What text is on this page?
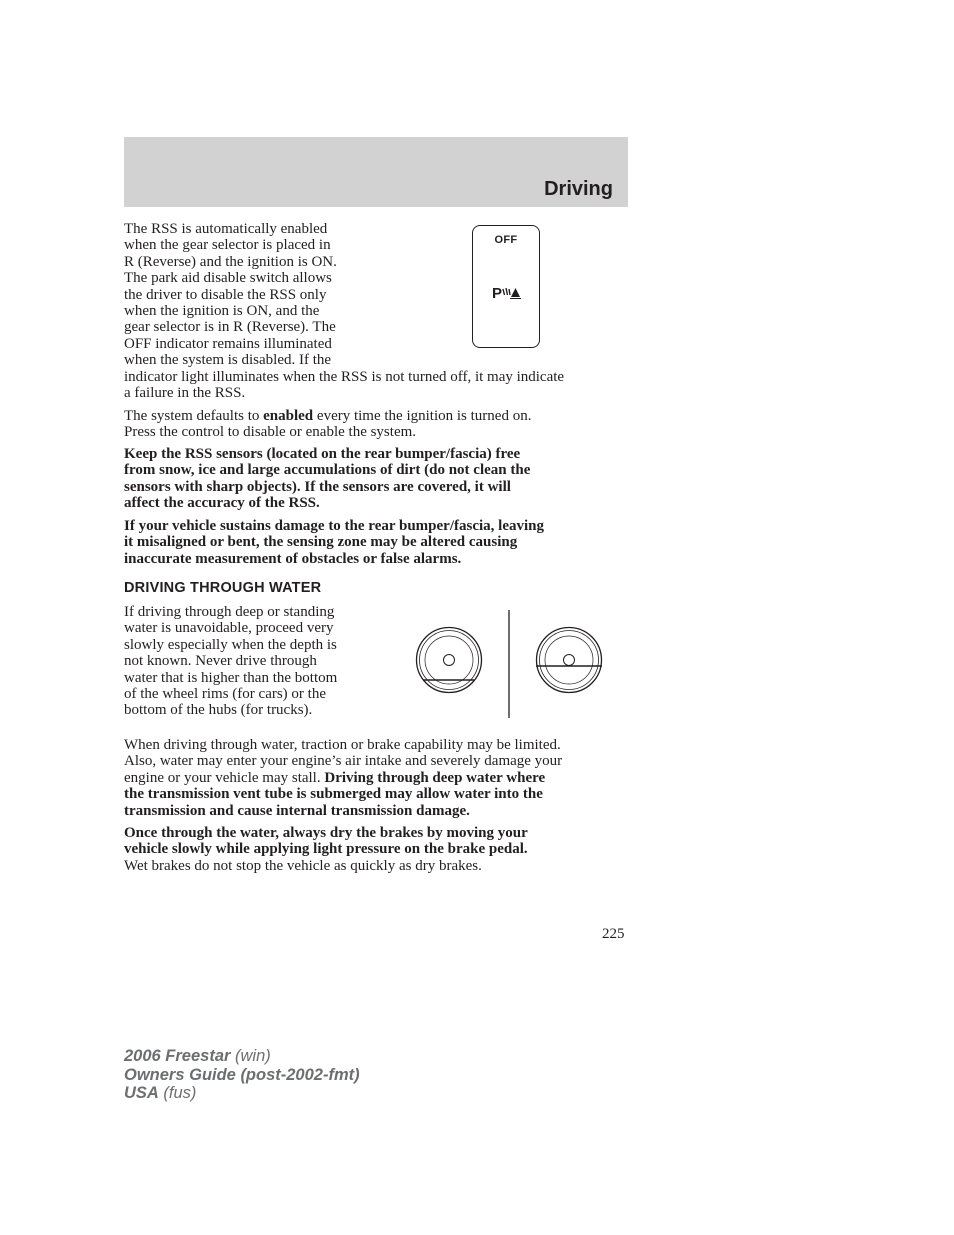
Driving
The RSS is automatically enabled
when the gear selector is placed in
R (Reverse) and the ignition is ON.
The park aid disable switch allows
the driver to disable the RSS only
when the ignition is ON, and the
gear selector is in R (Reverse). The
OFF indicator remains illuminated
when the system is disabled. If the
indicator light illuminates when the RSS is not turned off, it may indicate
a failure in the RSS.
OFF
P
The system defaults to enabled every time the ignition is turned on.
Press the control to disable or enable the system.
Keep the RSS sensors (located on the rear bumper/fascia) free
from snow, ice and large accumulations of dirt (do not clean the
sensors with sharp objects). If the sensors are covered, it will
affect the accuracy of the RSS.
If your vehicle sustains damage to the rear bumper/fascia, leaving
it misaligned or bent, the sensing zone may be altered causing
inaccurate measurement of obstacles or false alarms.
DRIVING THROUGH WATER
If driving through deep or standing
water is unavoidable, proceed very
slowly especially when the depth is
not known. Never drive through
water that is higher than the bottom
of the wheel rims (for cars) or the
bottom of the hubs (for trucks).
When driving through water, traction or brake capability may be limited.
Also, water may enter your engine’s air intake and severely damage your
engine or your vehicle may stall. Driving through deep water where
the transmission vent tube is submerged may allow water into the
transmission and cause internal transmission damage.
Once through the water, always dry the brakes by moving your
vehicle slowly while applying light pressure on the brake pedal.
Wet brakes do not stop the vehicle as quickly as dry brakes.
225
2006 Freestar (win)
Owners Guide (post-2002-fmt)
USA (fus)
